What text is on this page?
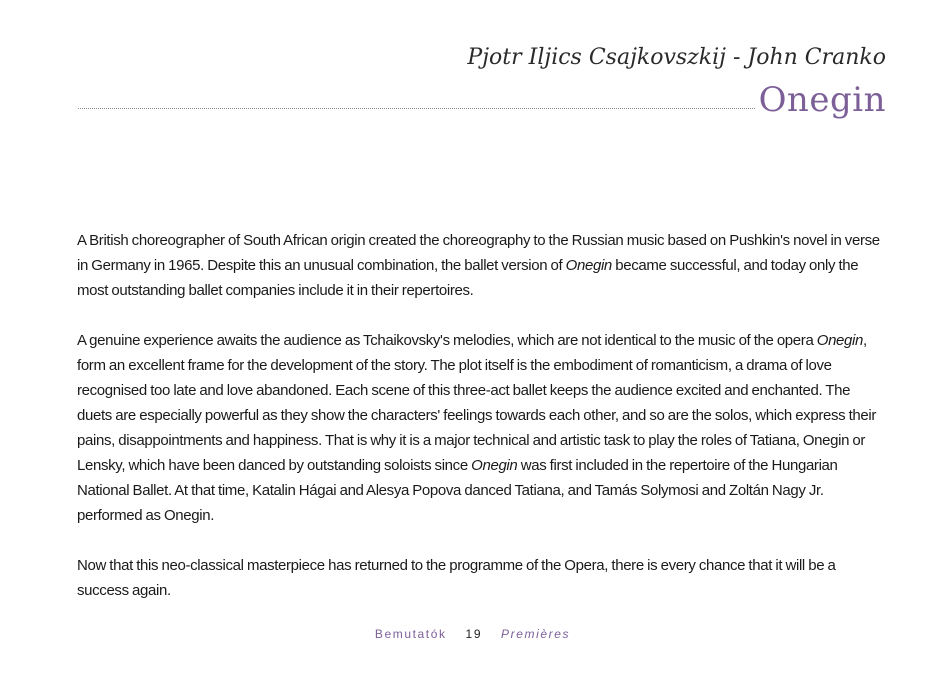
Pjotr Iljics Csajkovszkij - John Cranko
Onegin

A British choreographer of South African origin created the choreography to the Russian music based on Pushkin's novel in verse in Germany in 1965. Despite this an unusual combination, the ballet version of Onegin became successful, and today only the most outstanding ballet companies include it in their repertoires.

A genuine experience awaits the audience as Tchaikovsky's melodies, which are not identical to the music of the opera Onegin, form an excellent frame for the development of the story. The plot itself is the embodiment of romanticism, a drama of love recognised too late and love abandoned. Each scene of this three-act ballet keeps the audience excited and enchanted. The duets are especially powerful as they show the characters' feelings towards each other, and so are the solos, which express their pains, disappointments and happiness. That is why it is a major technical and artistic task to play the roles of Tatiana, Onegin or Lensky, which have been danced by outstanding soloists since Onegin was first included in the repertoire of the Hungarian National Ballet. At that time, Katalin Hágai and Alesya Popova danced Tatiana, and Tamás Solymosi and Zoltán Nagy Jr. performed as Onegin.

Now that this neo-classical masterpiece has returned to the programme of the Opera, there is every chance that it will be a success again.

Bemutatók 19 Premières
